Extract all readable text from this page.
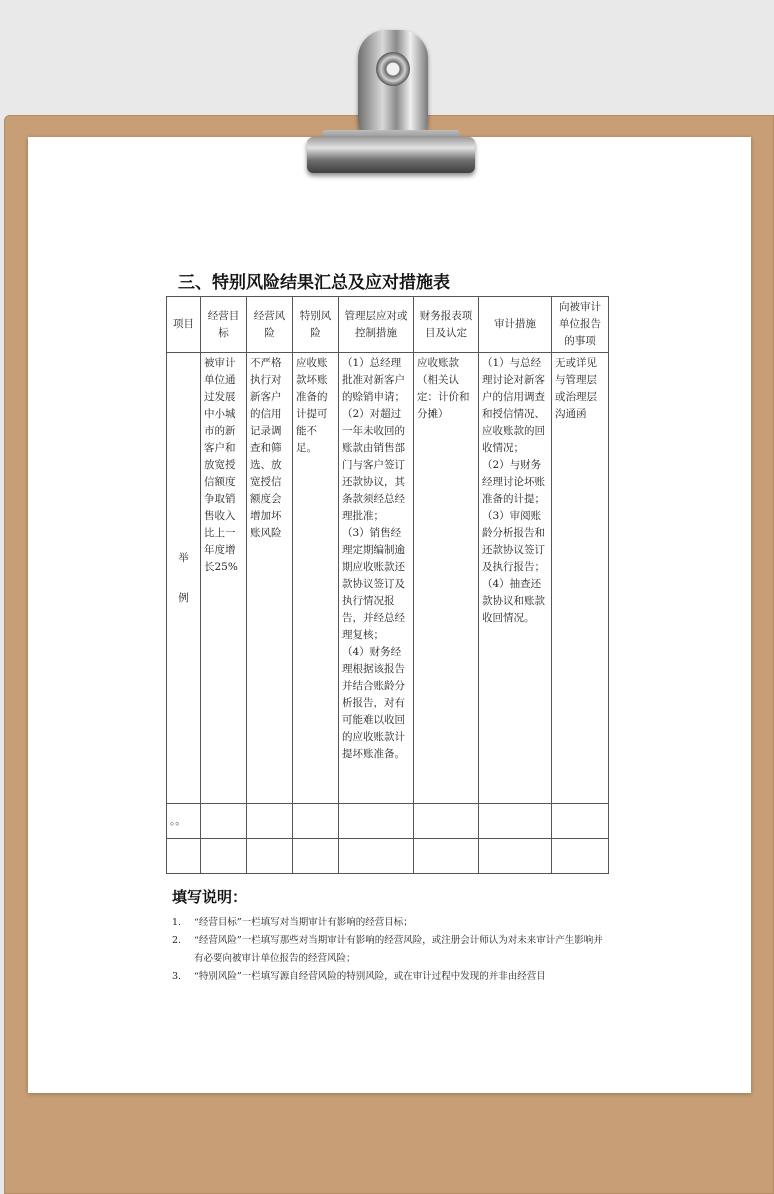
三、特别风险结果汇总及应对措施表
项目	经营目标	经营风险	特别风险	管理层应对或控制措施	财务报表项目及认定	审计措施	向被审计单位报告的事项
举例	被审计单位通过发展中小城市的新客户和放宽授信额度争取销售收入比上一年度增长25%	不严格执行对新客户的信用记录调查和筛选、放宽授信额度会增加坏账风险	应收账款坏账准备的计提可能不足。	（1）总经理批准对新客户的赊销申请；
（2）对超过一年未收回的账款由销售部门与客户签订还款协议，其条款须经总经理批准；
（3）销售经理定期编制逾期应收账款还款协议签订及执行情况报告，并经总经理复核；
（4）财务经理根据该报告并结合账龄分析报告，对有可能难以收回的应收账款计提坏账准备。	应收账款（相关认定：计价和分摊）	（1）与总经理讨论对新客户的信用调查和授信情况、应收账款的回收情况；
（2）与财务经理讨论坏账准备的计提；
（3）审阅账龄分析报告和还款协议签订及执行报告；
（4）抽查还款协议和账款收回情况。	无或详见与管理层或治理层沟通函
。。							

填写说明：
1.	“经营目标”一栏填写对当期审计有影响的经营目标；
2.	“经营风险”一栏填写那些对当期审计有影响的经营风险，或注册会计师认为对未来审计产生影响并有必要向被审计单位报告的经营风险；
3.	“特别风险”一栏填写源自经营风险的特别风险，或在审计过程中发现的并非由经营目
